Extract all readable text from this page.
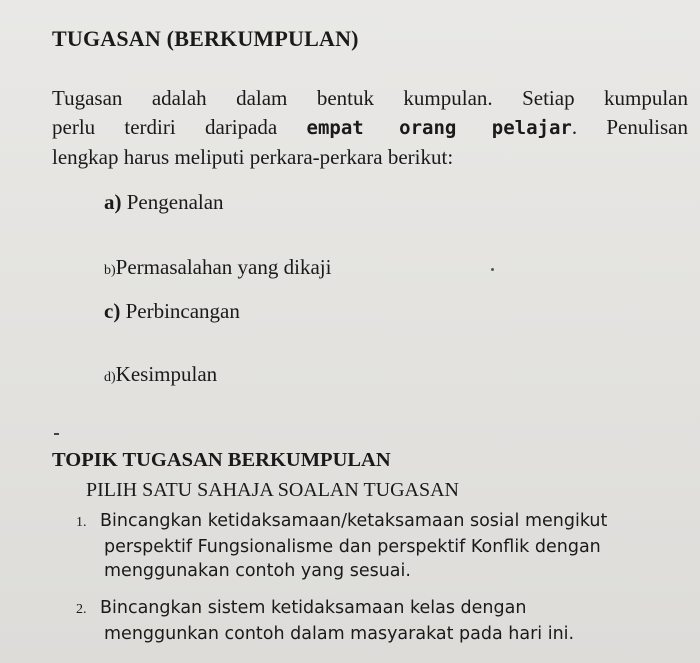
TUGASAN (BERKUMPULAN)
Tugasan adalah dalam bentuk kumpulan. Setiap kumpulan
perlu terdiri daripada empat orang pelajar. Penulisan
lengkap harus meliputi perkara-perkara berikut:
a) Pengenalan
b)Permasalahan yang dikaji
c) Perbincangan
d)Kesimpulan
TOPIK TUGASAN BERKUMPULAN
PILIH SATU SAHAJA SOALAN TUGASAN
1. Bincangkan ketidaksamaan/ketaksamaan sosial mengikut
perspektif Fungsionalisme dan perspektif Konflik dengan
menggunakan contoh yang sesuai.
2. Bincangkan sistem ketidaksamaan kelas dengan
menggunkan contoh dalam masyarakat pada hari ini.
